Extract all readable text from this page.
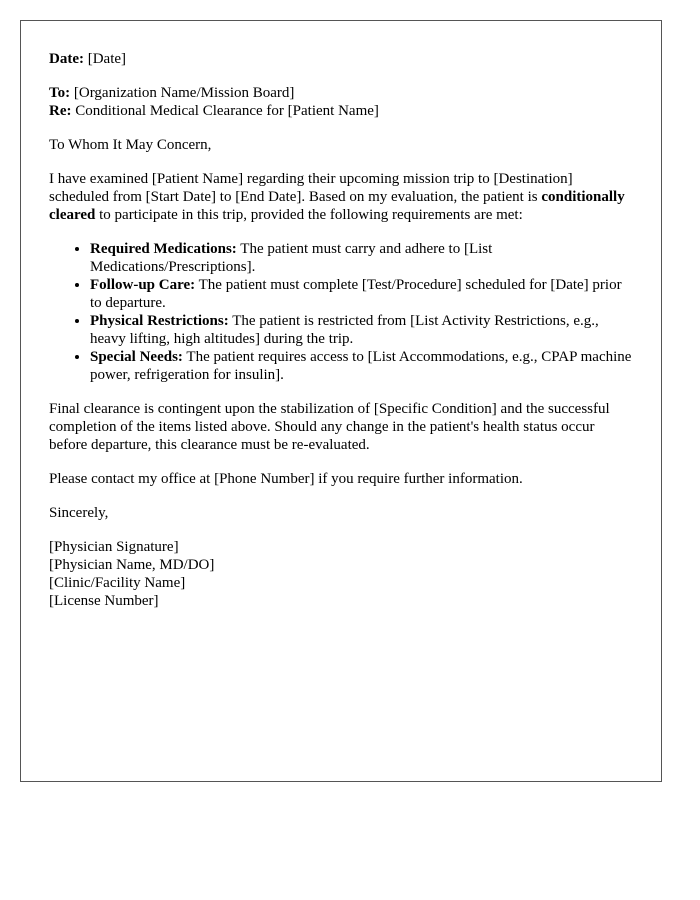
Date: [Date]

To: [Organization Name/Mission Board]

Re: Conditional Medical Clearance for [Patient Name]

To Whom It May Concern,

I have examined [Patient Name] regarding their upcoming mission trip to [Destination] scheduled from [Start Date] to [End Date]. Based on my evaluation, the patient is conditionally cleared to participate in this trip, provided the following requirements are met:

• Required Medications: The patient must carry and adhere to [List Medications/Prescriptions].
• Follow-up Care: The patient must complete [Test/Procedure] scheduled for [Date] prior to departure.
• Physical Restrictions: The patient is restricted from [List Activity Restrictions, e.g., heavy lifting, high altitudes] during the trip.
• Special Needs: The patient requires access to [List Accommodations, e.g., CPAP machine power, refrigeration for insulin].

Final clearance is contingent upon the stabilization of [Specific Condition] and the successful completion of the items listed above. Should any change in the patient's health status occur before departure, this clearance must be re-evaluated.

Please contact my office at [Phone Number] if you require further information.

Sincerely,

[Physician Signature]

[Physician Name, MD/DO]

[Clinic/Facility Name]

[License Number]
